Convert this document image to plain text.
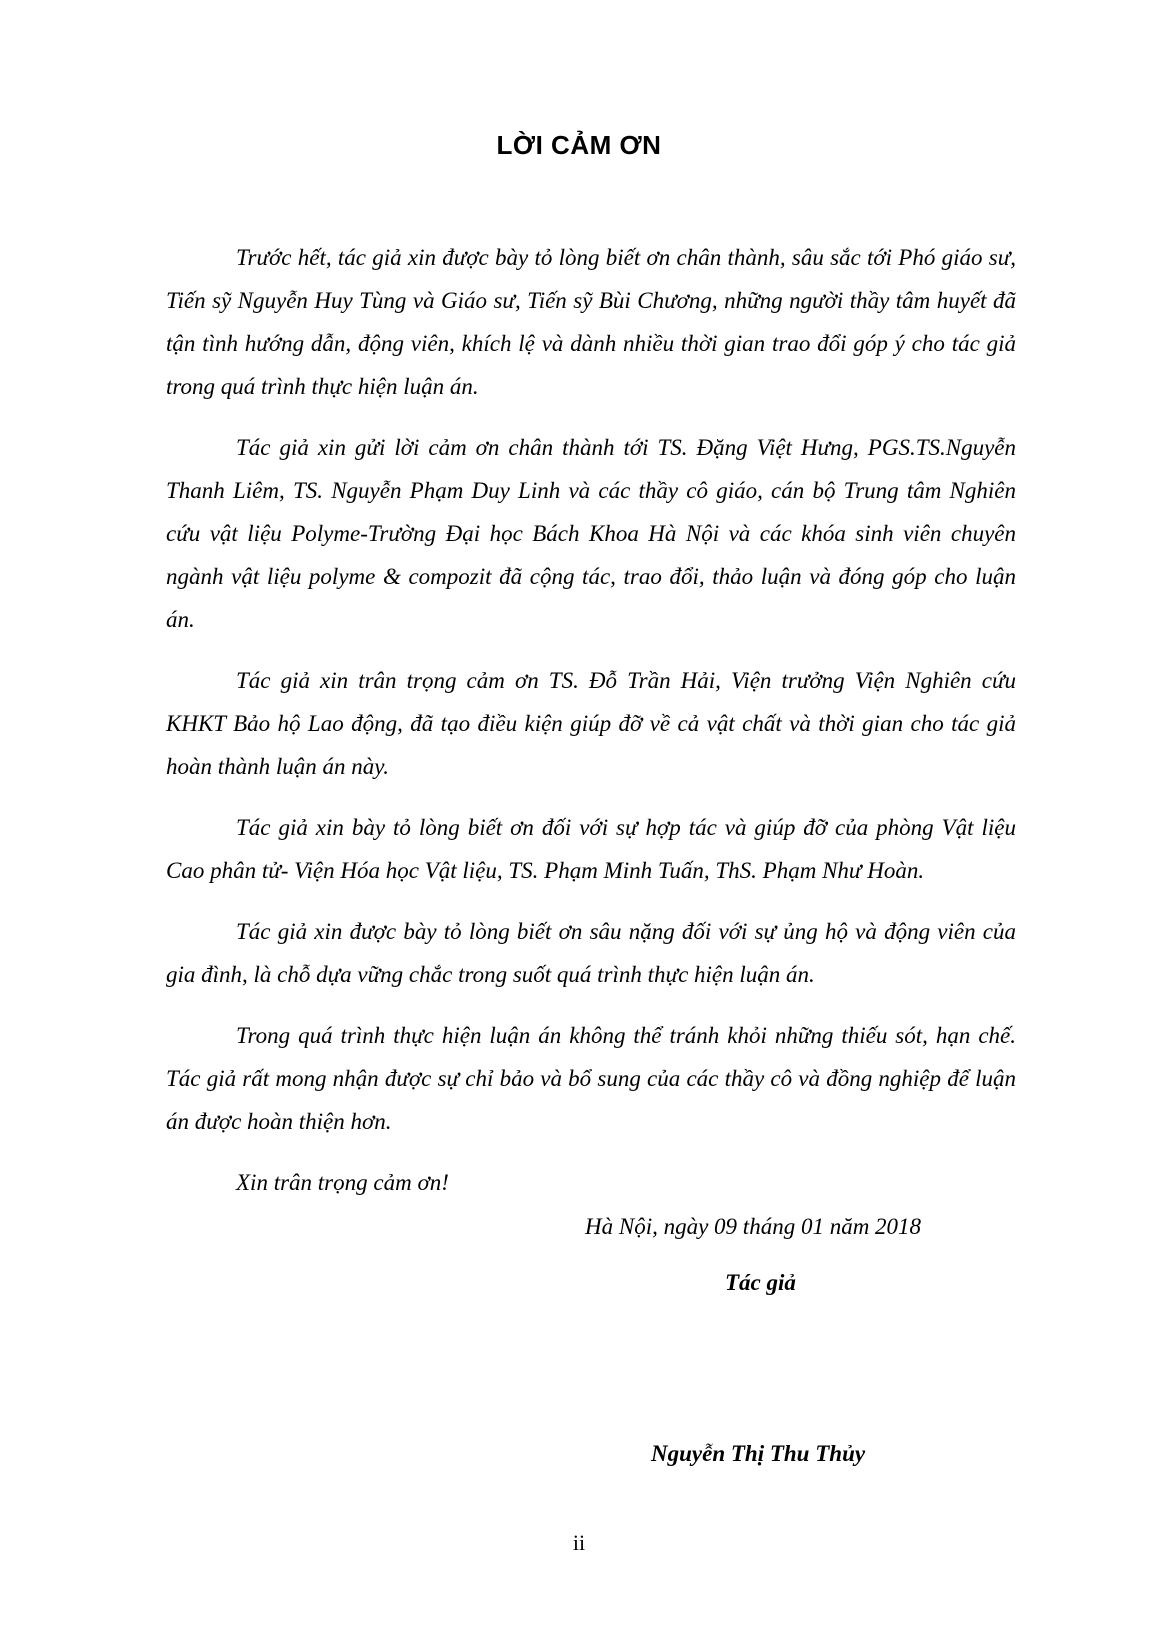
LỜI CẢM ƠN

Trước hết, tác giả xin được bày tỏ lòng biết ơn chân thành, sâu sắc tới Phó giáo sư, Tiến sỹ Nguyễn Huy Tùng và Giáo sư, Tiến sỹ Bùi Chương, những người thầy tâm huyết đã tận tình hướng dẫn, động viên, khích lệ và dành nhiều thời gian trao đổi góp ý cho tác giả trong quá trình thực hiện luận án.

Tác giả xin gửi lời cảm ơn chân thành tới TS. Đặng Việt Hưng, PGS.TS.Nguyễn Thanh Liêm, TS. Nguyễn Phạm Duy Linh và các thầy cô giáo, cán bộ Trung tâm Nghiên cứu vật liệu Polyme-Trường Đại học Bách Khoa Hà Nội và các khóa sinh viên chuyên ngành vật liệu polyme & compozit đã cộng tác, trao đổi, thảo luận và đóng góp cho luận án.

Tác giả xin trân trọng cảm ơn TS. Đỗ Trần Hải, Viện trưởng Viện Nghiên cứu KHKT Bảo hộ Lao động, đã tạo điều kiện giúp đỡ về cả vật chất và thời gian cho tác giả hoàn thành luận án này.

Tác giả xin bày tỏ lòng biết ơn đối với sự hợp tác và giúp đỡ của phòng Vật liệu Cao phân tử- Viện Hóa học Vật liệu, TS. Phạm Minh Tuấn, ThS. Phạm Như Hoàn.

Tác giả xin được bày tỏ lòng biết ơn sâu nặng đối với sự ủng hộ và động viên của gia đình, là chỗ dựa vững chắc trong suốt quá trình thực hiện luận án.

Trong quá trình thực hiện luận án không thể tránh khỏi những thiếu sót, hạn chế. Tác giả rất mong nhận được sự chỉ bảo và bổ sung của các thầy cô và đồng nghiệp để luận án được hoàn thiện hơn.

Xin trân trọng cảm ơn!

Hà Nội, ngày 09 tháng 01 năm 2018
Tác giả
Nguyễn Thị Thu Thủy
ii
